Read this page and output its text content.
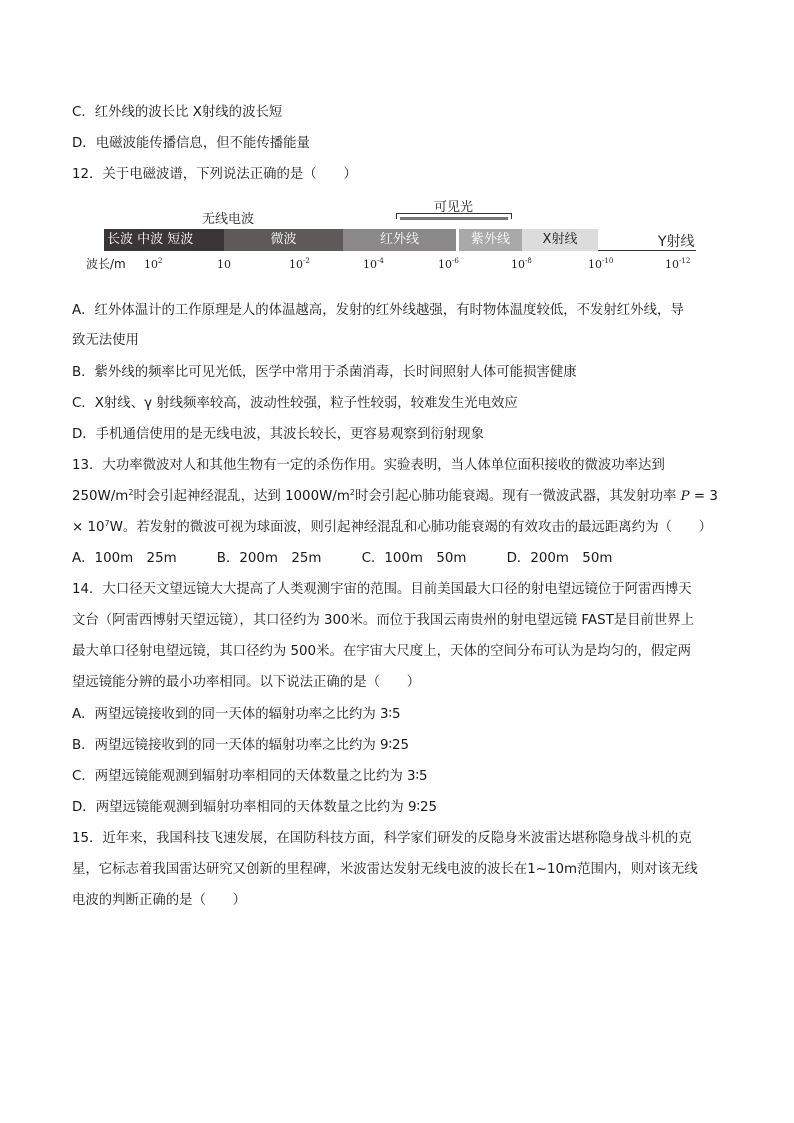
C．红外线的波长比 X射线的波长短
D．电磁波能传播信息，但不能传播能量
12．关于电磁波谱，下列说法正确的是（　　）
无线电波
可见光
长波 中波 短波	微波	红外线	紫外线	X射线	Y射线
波长/m $10^2$	10	$10^{-2}$	$10^{-4}$	$10^{-6}$	$10^{-8}$	$10^{-10}$	$10^{-12}$
A．红外体温计的工作原理是人的体温越高，发射的红外线越强，有时物体温度较低，不发射红外线，导
致无法使用
B．紫外线的频率比可见光低，医学中常用于杀菌消毒，长时间照射人体可能损害健康
C．X射线、γ 射线频率较高，波动性较强，粒子性较弱，较难发生光电效应
D．手机通信使用的是无线电波，其波长较长，更容易观察到衍射现象
13．大功率微波对人和其他生物有一定的杀伤作用。实验表明，当人体单位面积接收的微波功率达到
$250W/m^2$时会引起神经混乱，达到 $1000W/m^2$时会引起心肺功能衰竭。现有一微波武器，其发射功率 P = 3
× $10^7W$。若发射的微波可视为球面波，则引起神经混乱和心肺功能衰竭的有效攻击的最远距离约为（　　）
A．100m　25m　　　B．200m　25m　　　C．100m　50m　　　D．200m　50m
14．大口径天文望远镜大大提高了人类观测宇宙的范围。目前美国最大口径的射电望远镜位于阿雷西博天
文台（阿雷西博射天望远镜），其口径约为 300米。而位于我国云南贵州的射电望远镜 FAST是目前世界上
最大单口径射电望远镜，其口径约为 500米。在宇宙大尺度上，天体的空间分布可认为是均匀的，假定两
望远镜能分辨的最小功率相同。以下说法正确的是（　　）
A．两望远镜接收到的同一天体的辐射功率之比约为 3∶5
B．两望远镜接收到的同一天体的辐射功率之比约为 9∶25
C．两望远镜能观测到辐射功率相同的天体数量之比约为 3∶5
D．两望远镜能观测到辐射功率相同的天体数量之比约为 9∶25
15．近年来，我国科技飞速发展，在国防科技方面，科学家们研发的反隐身米波雷达堪称隐身战斗机的克
星，它标志着我国雷达研究又创新的里程碑，米波雷达发射无线电波的波长在1~10m范围内，则对该无线
电波的判断正确的是（　　）
